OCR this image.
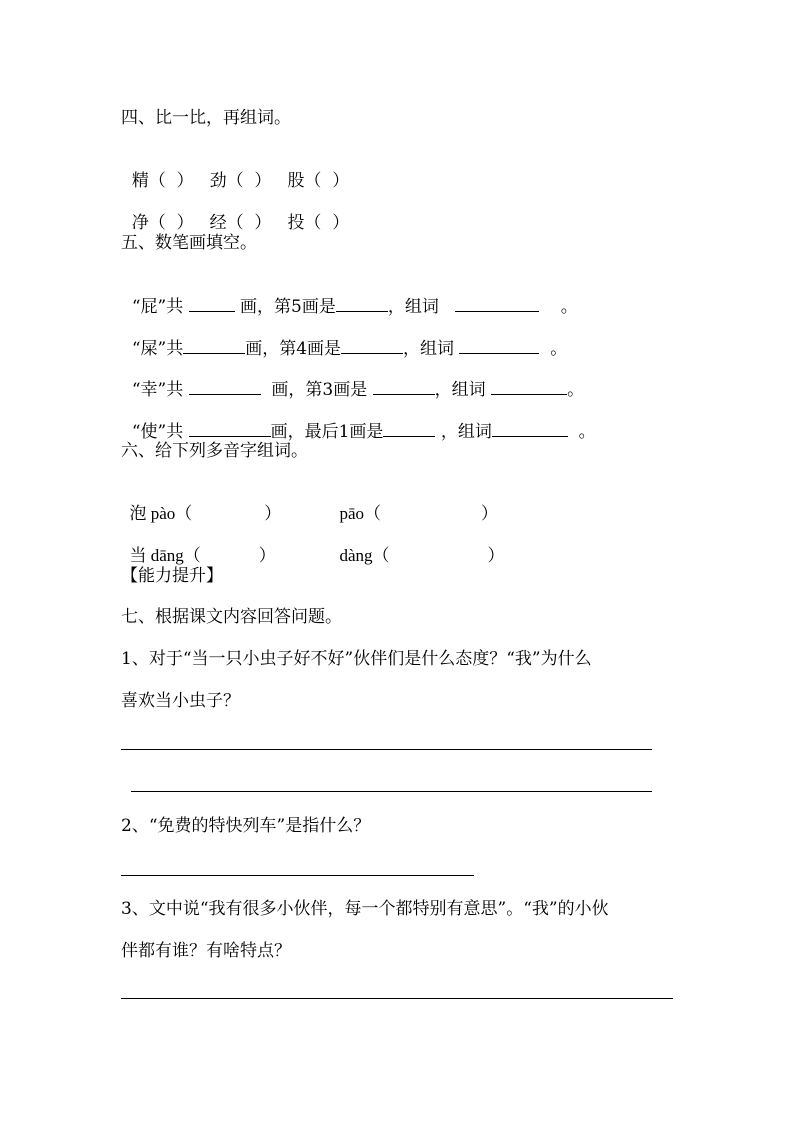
四、比一比，再组词。

精（  ） 劲（  ） 股（  ）

净（  ） 经（  ） 投（  ）

五、数笔画填空。

“屁”共	画，第5画是	，组词	。

“屎”共	画，第4画是	，组词	。

“幸”共	画，第3画是	，组词	。

“使”共	画，最后1画是	，组词	。

六、给下列多音字组词。

泡 pào（	）	pāo（	）

当 dāng（	）	dàng（	）

【能力提升】
七、根据课文内容回答问题。
1、对于“当一只小虫子好不好”伙伴们是什么态度？“我”为什么
喜欢当小虫子？
2、“免费的特快列车”是指什么？
3、文中说“我有很多小伙伴，每一个都特别有意思”。“我”的小伙
伴都有谁？有啥特点？
